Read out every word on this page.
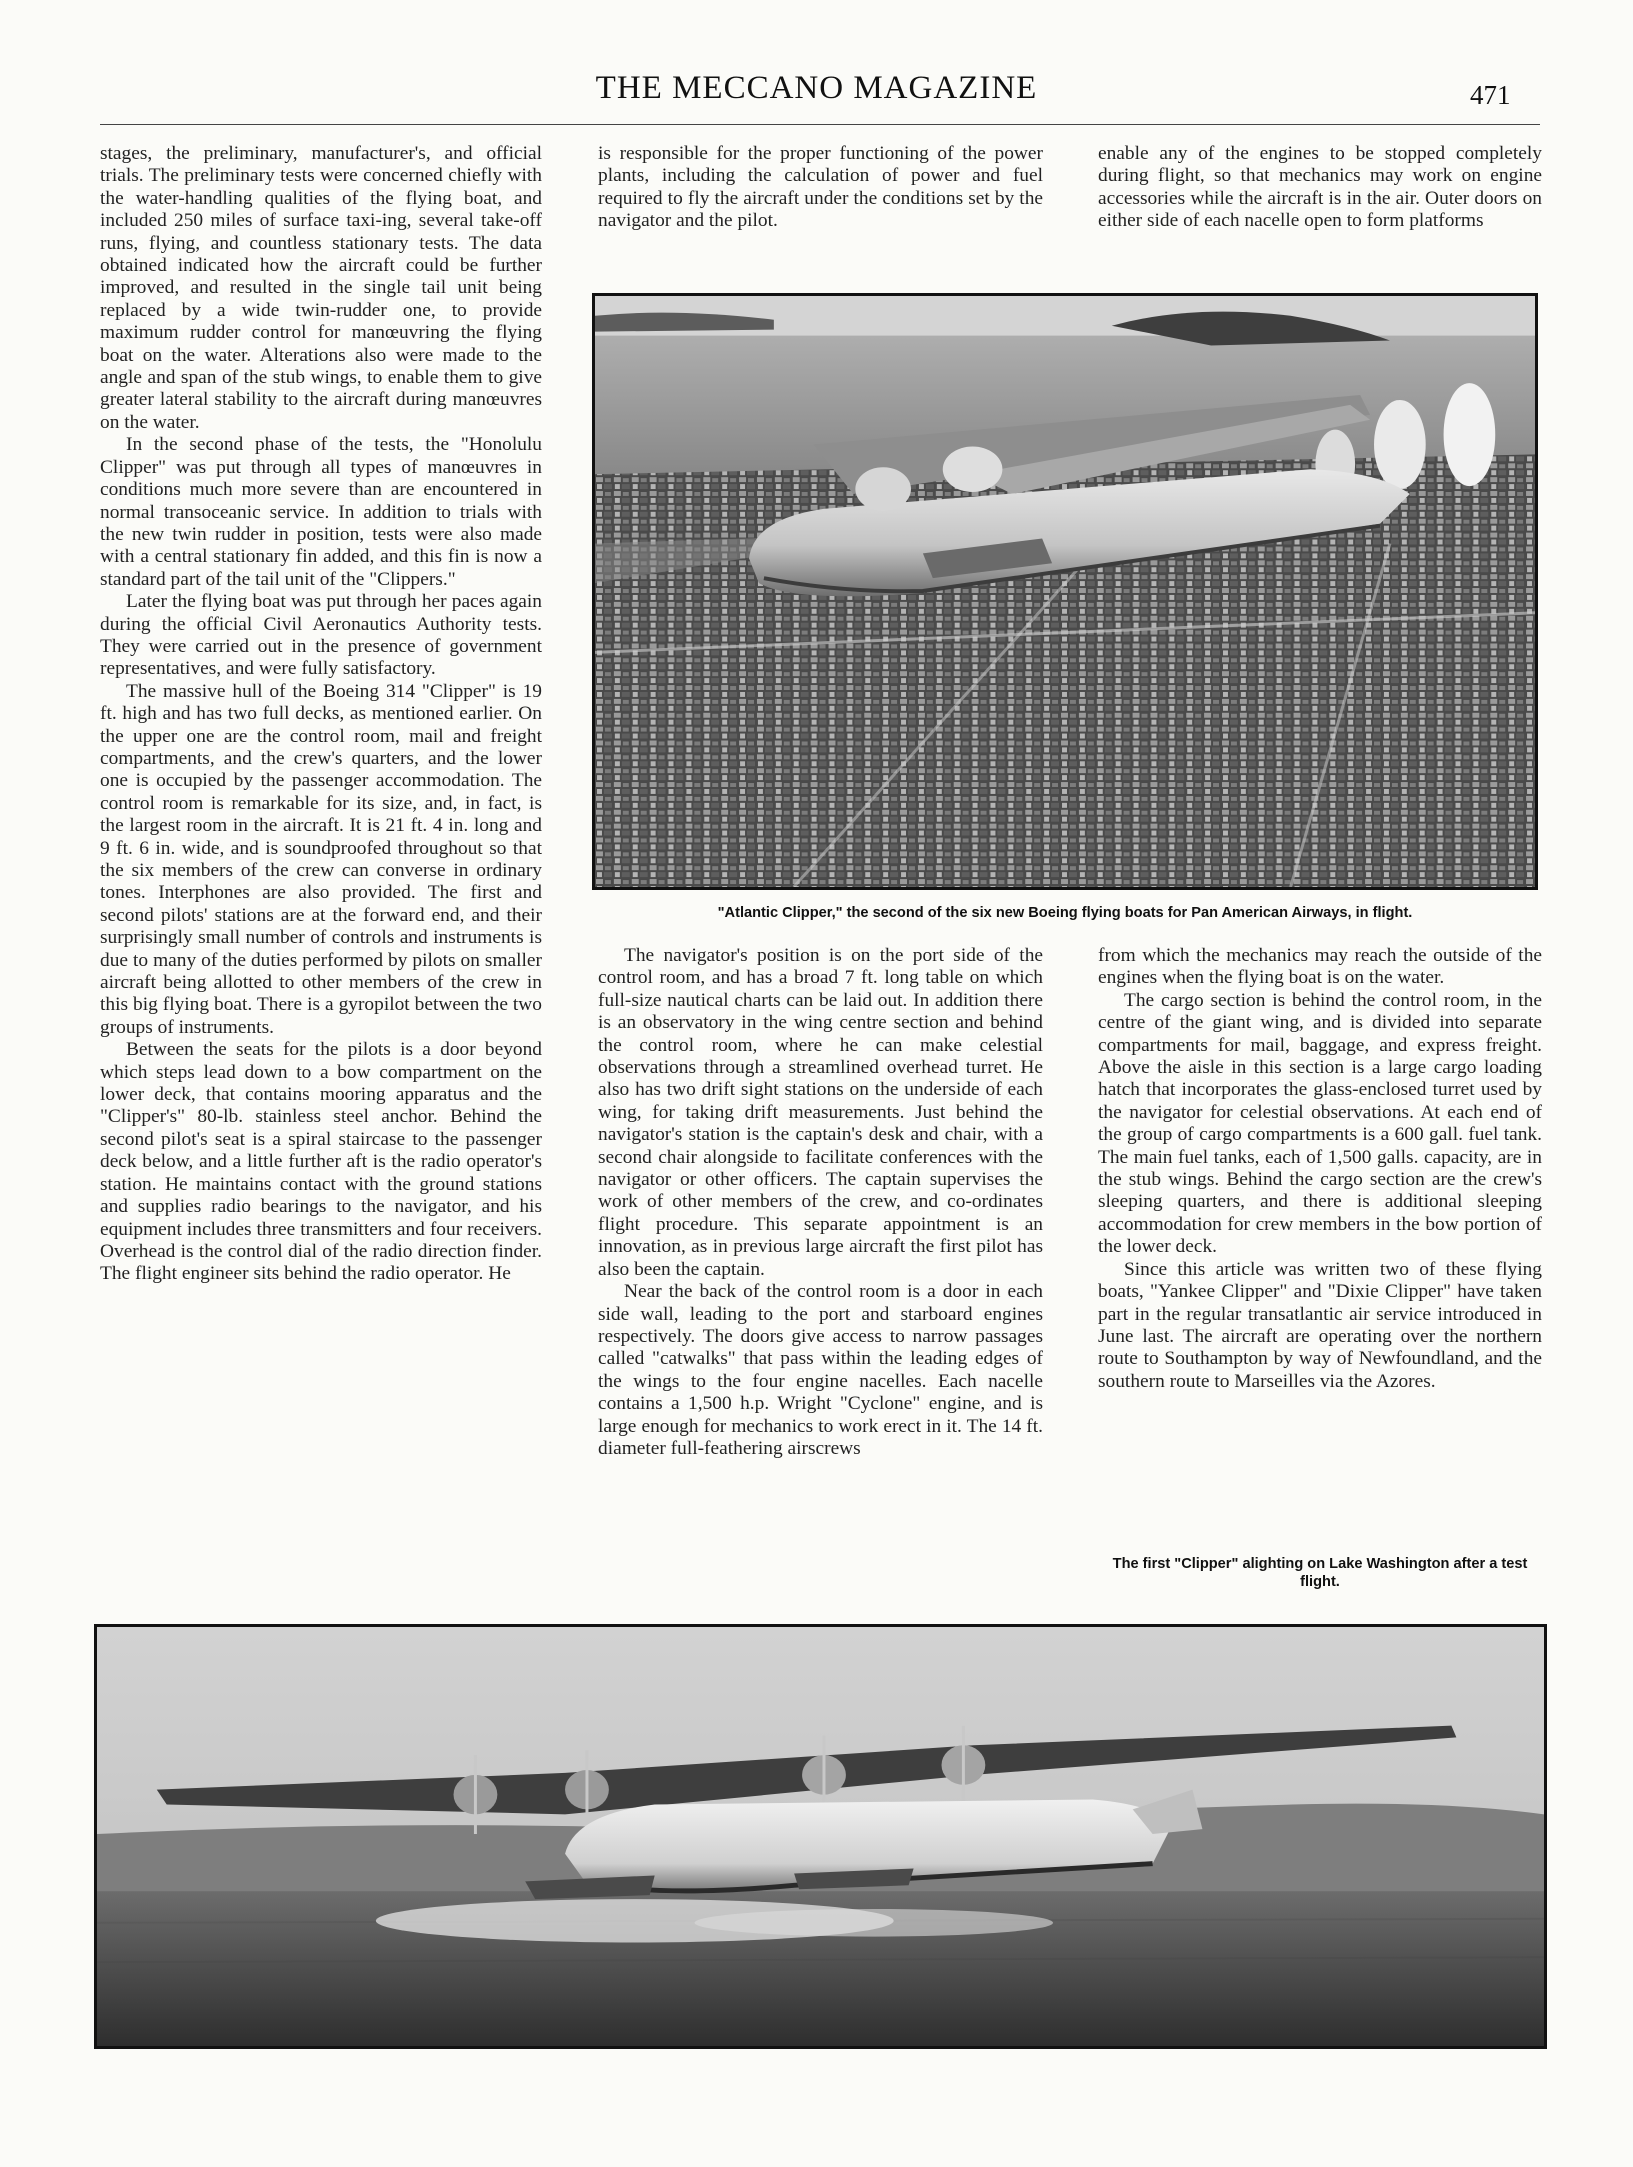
THE MECCANO MAGAZINE	471

stages, the preliminary, manufacturer's, and official trials. The preliminary tests were concerned chiefly with the water-handling qualities of the flying boat, and included 250 miles of surface taxi-ing, several take-off runs, flying, and countless stationary tests. The data obtained indicated how the aircraft could be further improved, and resulted in the single tail unit being replaced by a wide twin-rudder one, to provide maximum rudder control for manœuvring the flying boat on the water. Alterations also were made to the angle and span of the stub wings, to enable them to give greater lateral stability to the aircraft during manœuvres on the water.

In the second phase of the tests, the "Honolulu Clipper" was put through all types of manœuvres in conditions much more severe than are encountered in normal transoceanic service. In addition to trials with the new twin rudder in position, tests were also made with a central stationary fin added, and this fin is now a standard part of the tail unit of the "Clippers."

Later the flying boat was put through her paces again during the official Civil Aeronautics Authority tests. They were carried out in the presence of government representatives, and were fully satisfactory.

The massive hull of the Boeing 314 "Clipper" is 19 ft. high and has two full decks, as mentioned earlier. On the upper one are the control room, mail and freight compartments, and the crew's quarters, and the lower one is occupied by the passenger accommodation. The control room is remarkable for its size, and, in fact, is the largest room in the aircraft. It is 21 ft. 4 in. long and 9 ft. 6 in. wide, and is soundproofed throughout so that the six members of the crew can converse in ordinary tones. Interphones are also provided. The first and second pilots' stations are at the forward end, and their surprisingly small number of controls and instruments is due to many of the duties performed by pilots on smaller aircraft being allotted to other members of the crew in this big flying boat. There is a gyropilot between the two groups of instruments.

Between the seats for the pilots is a door beyond which steps lead down to a bow compartment on the lower deck, that contains mooring apparatus and the "Clipper's" 80-lb. stainless steel anchor. Behind the second pilot's seat is a spiral staircase to the passenger deck below, and a little further aft is the radio operator's station. He maintains contact with the ground stations and supplies radio bearings to the navigator, and his equipment includes three transmitters and four receivers. Overhead is the control dial of the radio direction finder. The flight engineer sits behind the radio operator. He

is responsible for the proper functioning of the power plants, including the calculation of power and fuel required to fly the aircraft under the conditions set by the navigator and the pilot.

enable any of the engines to be stopped completely during flight, so that mechanics may work on engine accessories while the aircraft is in the air. Outer doors on either side of each nacelle open to form platforms

"Atlantic Clipper," the second of the six new Boeing flying boats for Pan American Airways, in flight.

The navigator's position is on the port side of the control room, and has a broad 7 ft. long table on which full-size nautical charts can be laid out. In addition there is an observatory in the wing centre section and behind the control room, where he can make celestial observations through a streamlined overhead turret. He also has two drift sight stations on the underside of each wing, for taking drift measurements. Just behind the navigator's station is the captain's desk and chair, with a second chair alongside to facilitate conferences with the navigator or other officers. The captain supervises the work of other members of the crew, and co-ordinates flight procedure. This separate appointment is an innovation, as in previous large aircraft the first pilot has also been the captain.

Near the back of the control room is a door in each side wall, leading to the port and starboard engines respectively. The doors give access to narrow passages called "catwalks" that pass within the leading edges of the wings to the four engine nacelles. Each nacelle contains a 1,500 h.p. Wright "Cyclone" engine, and is large enough for mechanics to work erect in it. The 14 ft. diameter full-feathering airscrews

from which the mechanics may reach the outside of the engines when the flying boat is on the water.

The cargo section is behind the control room, in the centre of the giant wing, and is divided into separate compartments for mail, baggage, and express freight. Above the aisle in this section is a large cargo loading hatch that incorporates the glass-enclosed turret used by the navigator for celestial observations. At each end of the group of cargo compartments is a 600 gall. fuel tank. The main fuel tanks, each of 1,500 galls. capacity, are in the stub wings. Behind the cargo section are the crew's sleeping quarters, and there is additional sleeping accommodation for crew members in the bow portion of the lower deck.

Since this article was written two of these flying boats, "Yankee Clipper" and "Dixie Clipper" have taken part in the regular transatlantic air service introduced in June last. The aircraft are operating over the northern route to Southampton by way of Newfoundland, and the southern route to Marseilles via the Azores.

The first "Clipper" alighting on Lake Washington after a test flight.
